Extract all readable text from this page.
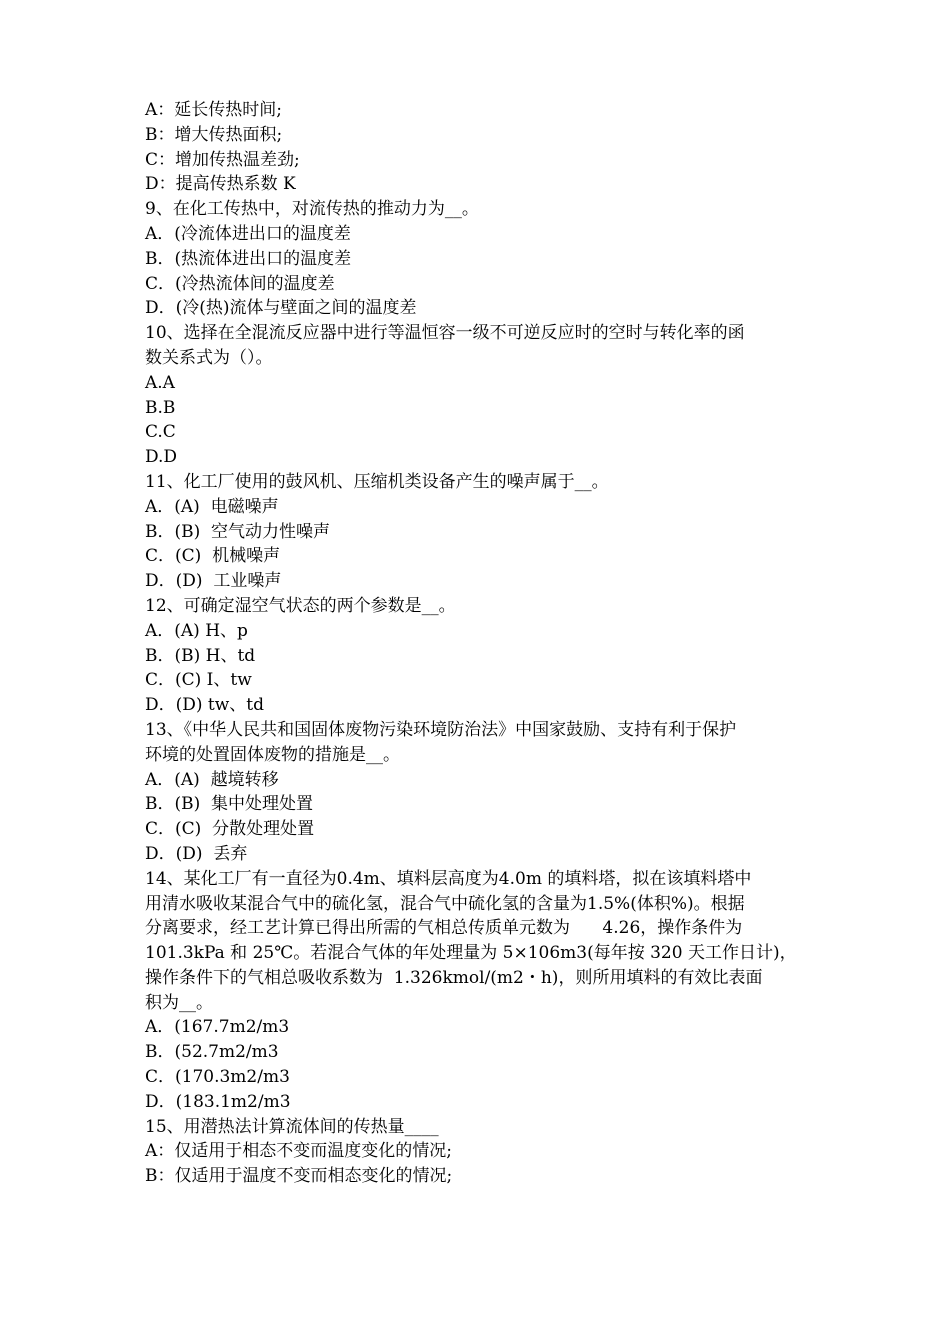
A：延长传热时间;
B：增大传热面积;
C：增加传热温差劲;
D：提高传热系数 K
9、在化工传热中，对流传热的推动力为__。
A．(冷流体进出口的温度差
B．(热流体进出口的温度差
C．(冷热流体间的温度差
D．(冷(热)流体与壁面之间的温度差
10、选择在全混流反应器中进行等温恒容一级不可逆反应时的空时与转化率的函
数关系式为（）。
A.A
B.B
C.C
D.D
11、化工厂使用的鼓风机、压缩机类设备产生的噪声属于__。
A．(A)  电磁噪声
B．(B)  空气动力性噪声
C．(C)  机械噪声
D．(D)  工业噪声
12、可确定湿空气状态的两个参数是__。
A．(A) H、p
B．(B) H、td
C．(C) I、tw
D．(D) tw、td
13、《中华人民共和国固体废物污染环境防治法》中国家鼓励、支持有利于保护
环境的处置固体废物的措施是__。
A．(A)  越境转移
B．(B)  集中处理处置
C．(C)  分散处理处置
D．(D)  丢弃
14、某化工厂有一直径为0.4m、填料层高度为4.0m 的填料塔，拟在该填料塔中
用清水吸收某混合气中的硫化氢，混合气中硫化氢的含量为1.5%(体积%)。根据
分离要求，经工艺计算已得出所需的气相总传质单元数为      4.26，操作条件为
101.3kPa 和 25℃。若混合气体的年处理量为 5×106m3(每年按 320 天工作日计)，
操作条件下的气相总吸收系数为  1.326kmol/(m2・h)，则所用填料的有效比表面
积为__。
A．(167.7m2/m3
B．(52.7m2/m3
C．(170.3m2/m3
D．(183.1m2/m3
15、用潜热法计算流体间的传热量____
A：仅适用于相态不变而温度变化的情况;
B：仅适用于温度不变而相态变化的情况;
